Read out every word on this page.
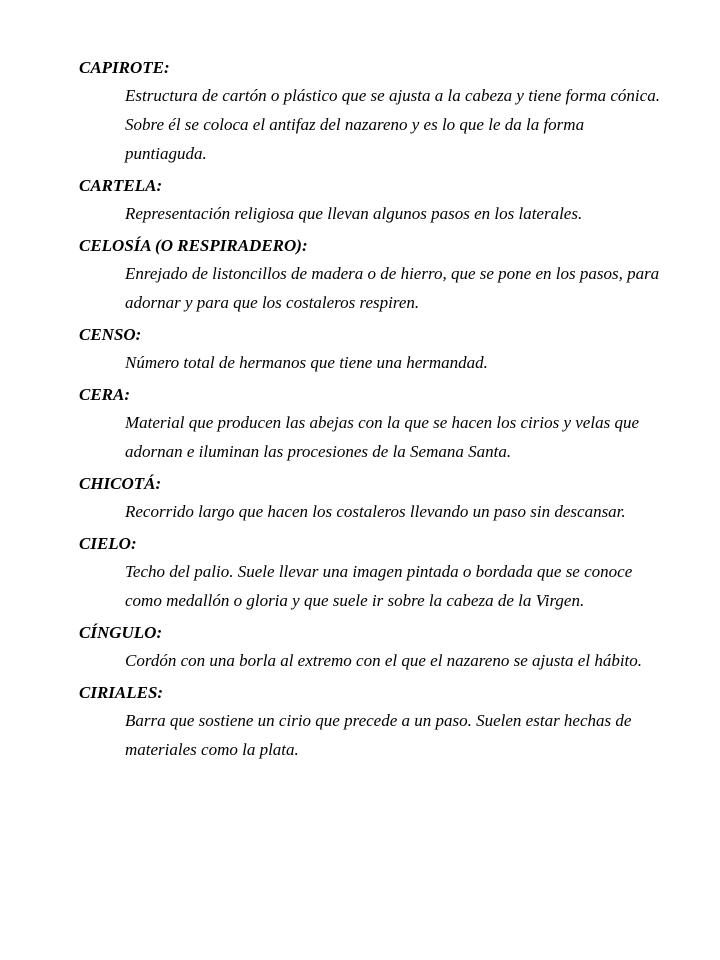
CAPIROTE:

Estructura de cartón o plástico que se ajusta a la cabeza y tiene forma cónica. Sobre él se coloca el antifaz del nazareno y es lo que le da la forma puntiaguda.

CARTELA:

Representación religiosa que llevan algunos pasos en los laterales.

CELOSÍA (O RESPIRADERO):

Enrejado de listoncillos de madera o de hierro, que se pone en los pasos, para adornar y para que los costaleros respiren.

CENSO:

Número total de hermanos que tiene una hermandad.

CERA:

Material que producen las abejas con la que se hacen los cirios y velas que adornan e iluminan las procesiones de la Semana Santa.

CHICOTÁ:

Recorrido largo que hacen los costaleros llevando un paso sin descansar.

CIELO:

Techo del palio. Suele llevar una imagen pintada o bordada que se conoce como medallón o gloria y que suele ir sobre la cabeza de la Virgen.

CÍNGULO:

Cordón con una borla al extremo con el que el nazareno se ajusta el hábito.

CIRIALES:

Barra que sostiene un cirio que precede a un paso. Suelen estar hechas de materiales como la plata.
